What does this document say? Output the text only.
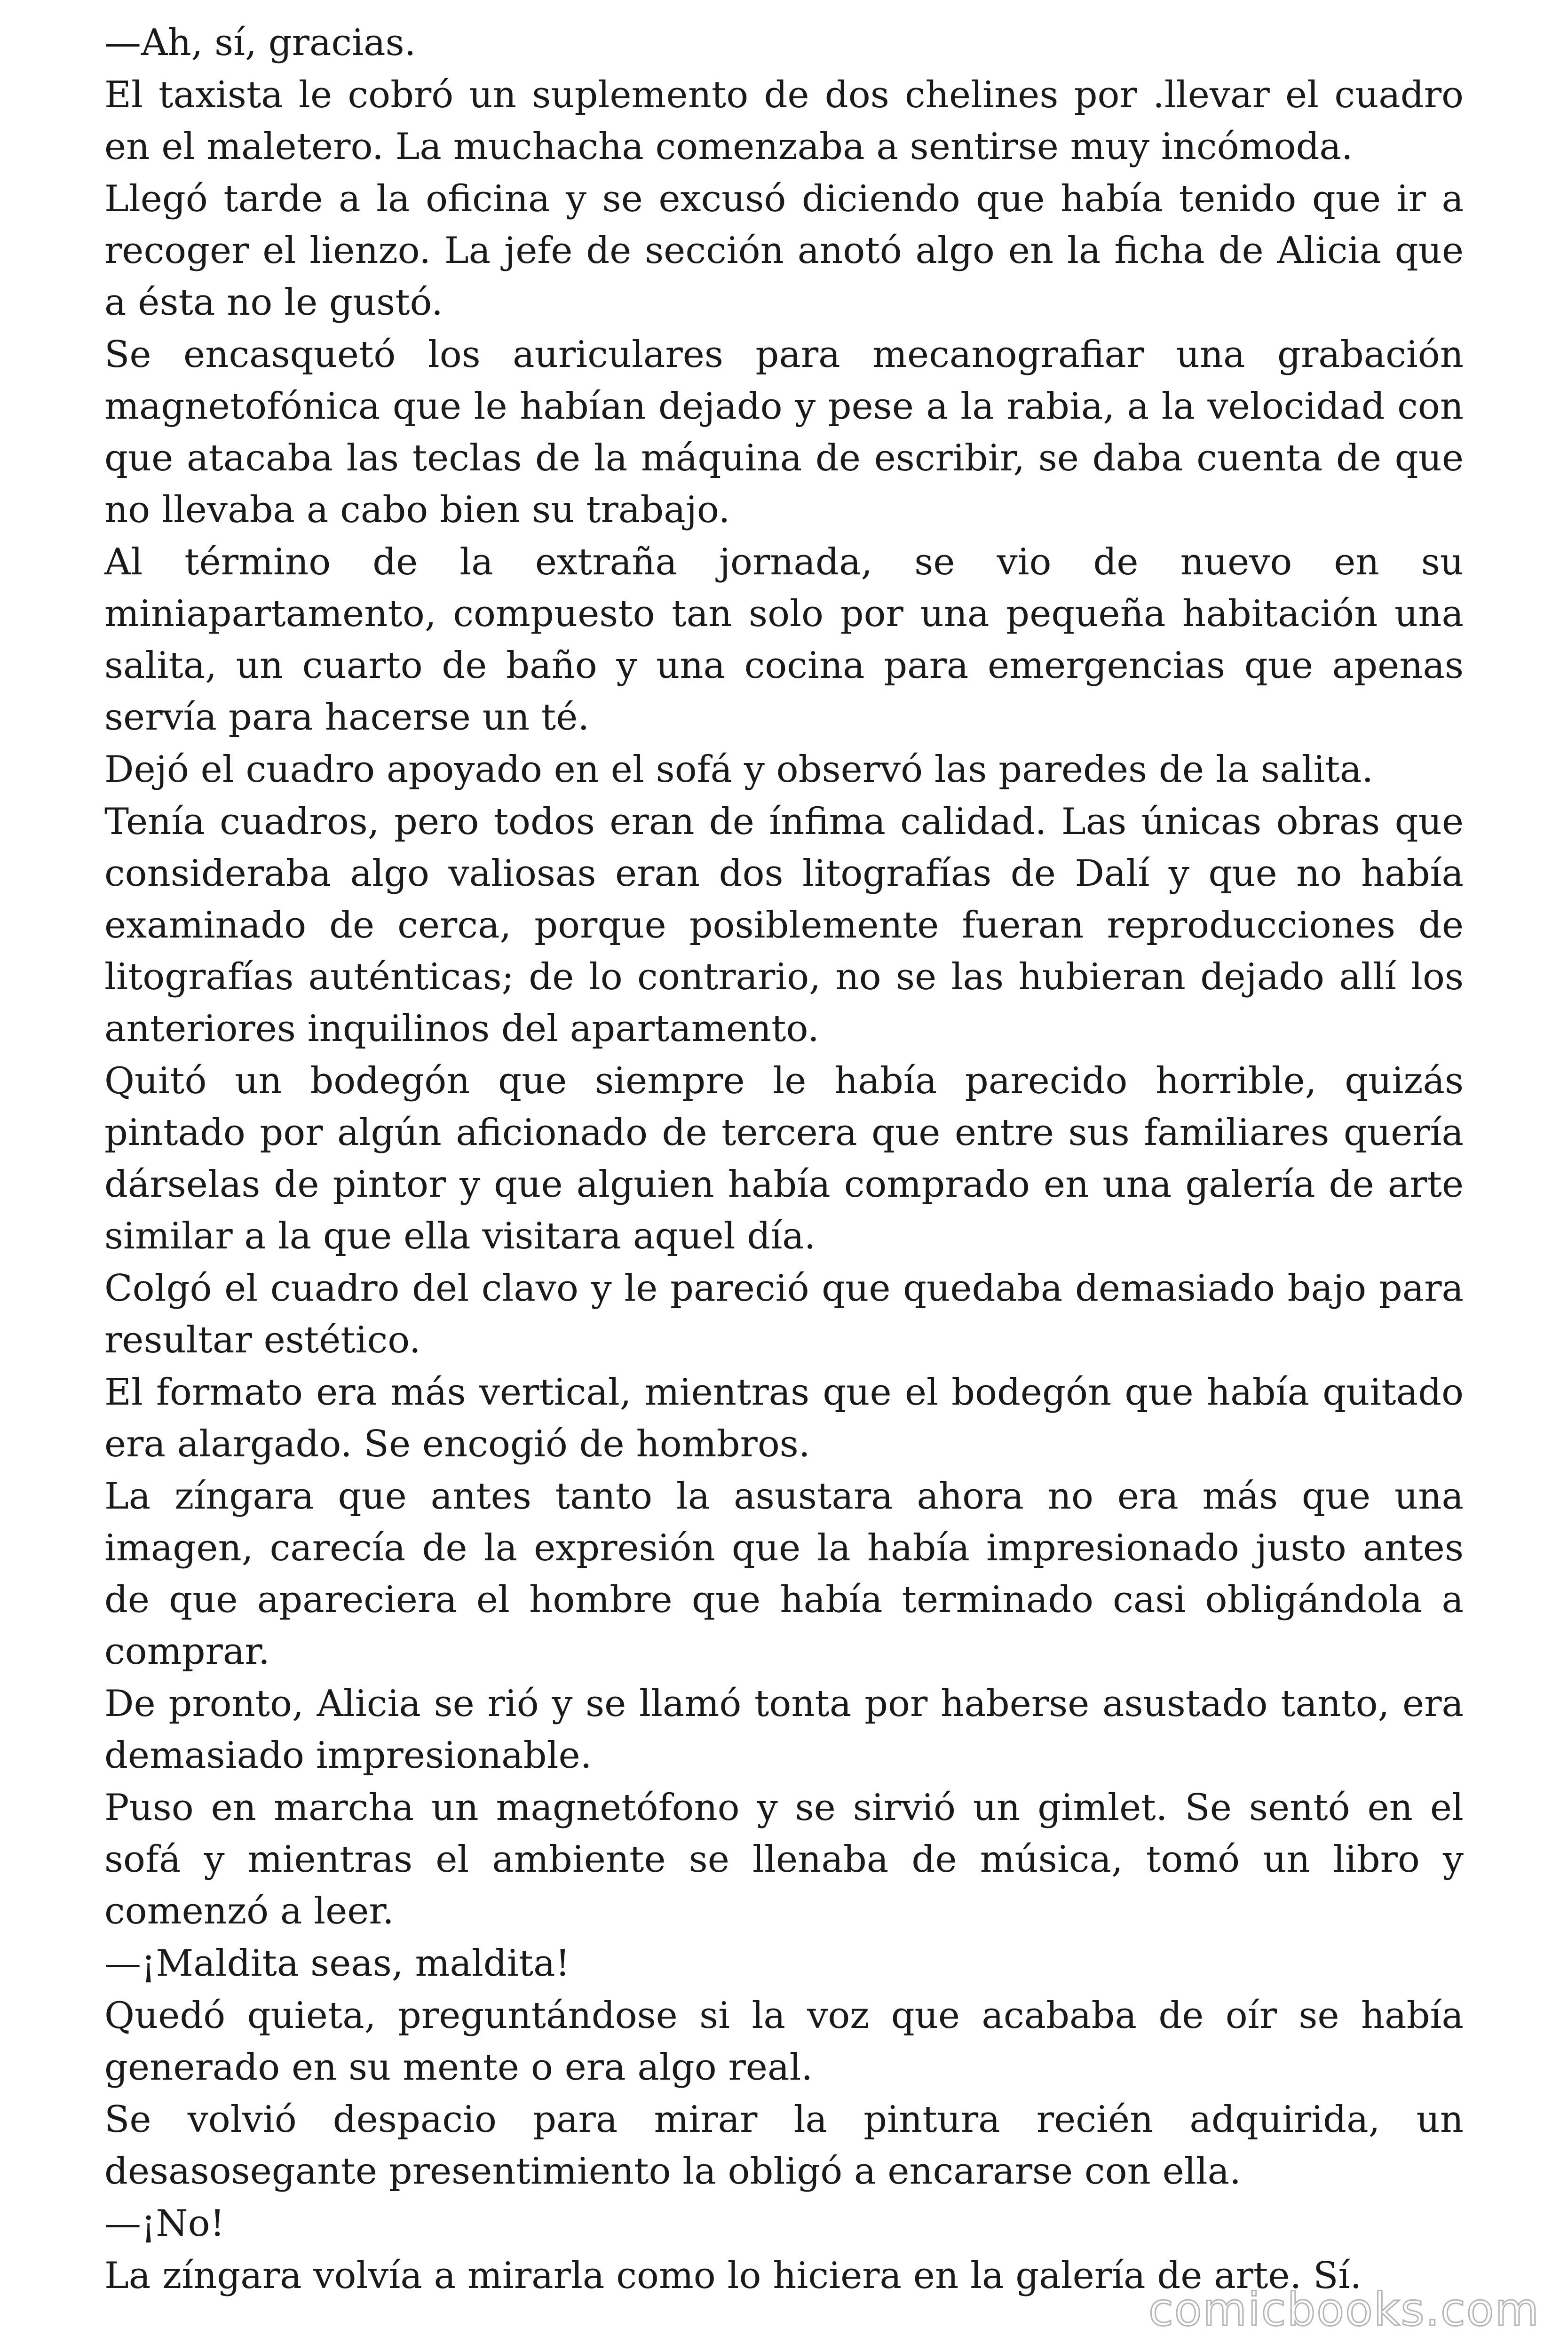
—Ah, sí, gracias.

El taxista le cobró un suplemento de dos chelines por .llevar el cuadro en el maletero. La muchacha comenzaba a sentirse muy incómoda.

Llegó tarde a la oficina y se excusó diciendo que había tenido que ir a recoger el lienzo. La jefe de sección anotó algo en la ficha de Alicia que a ésta no le gustó.

Se encasquetó los auriculares para mecanografiar una grabación magnetofónica que le habían dejado y pese a la rabia, a la velocidad con que atacaba las teclas de la máquina de escribir, se daba cuenta de que no llevaba a cabo bien su trabajo.

Al término de la extraña jornada, se vio de nuevo en su miniapartamento, compuesto tan solo por una pequeña habitación una salita, un cuarto de baño y una cocina para emergencias que apenas servía para hacerse un té.

Dejó el cuadro apoyado en el sofá y observó las paredes de la salita.

Tenía cuadros, pero todos eran de ínfima calidad. Las únicas obras que consideraba algo valiosas eran dos litografías de Dalí y que no había examinado de cerca, porque posiblemente fueran reproducciones de litografías auténticas; de lo contrario, no se las hubieran dejado allí los anteriores inquilinos del apartamento.

Quitó un bodegón que siempre le había parecido horrible, quizás pintado por algún aficionado de tercera que entre sus familiares quería dárselas de pintor y que alguien había comprado en una galería de arte similar a la que ella visitara aquel día.

Colgó el cuadro del clavo y le pareció que quedaba demasiado bajo para resultar estético.

El formato era más vertical, mientras que el bodegón que había quitado era alargado. Se encogió de hombros.

La zíngara que antes tanto la asustara ahora no era más que una imagen, carecía de la expresión que la había impresionado justo antes de que apareciera el hombre que había terminado casi obligándola a comprar.

De pronto, Alicia se rió y se llamó tonta por haberse asustado tanto, era demasiado impresionable.

Puso en marcha un magnetófono y se sirvió un gimlet. Se sentó en el sofá y mientras el ambiente se llenaba de música, tomó un libro y comenzó a leer.

—¡Maldita seas, maldita!

Quedó quieta, preguntándose si la voz que acababa de oír se había generado en su mente o era algo real.

Se volvió despacio para mirar la pintura recién adquirida, un desasosegante presentimiento la obligó a encararse con ella.

—¡No!

La zíngara volvía a mirarla como lo hiciera en la galería de arte. Sí.

comicbooks.com
